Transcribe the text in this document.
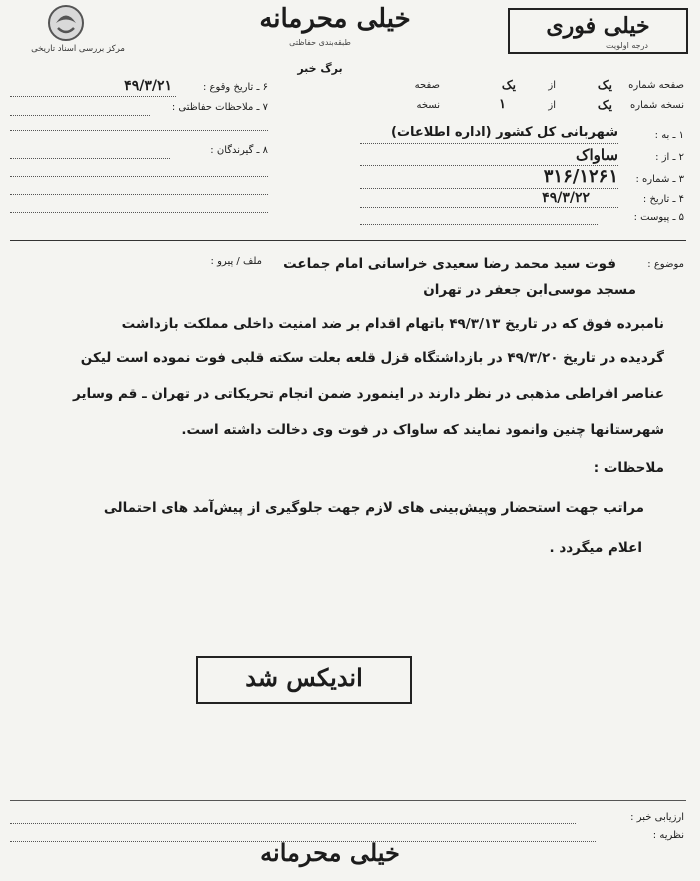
مرکز بررسی اسناد تاریخی
خیلی محرمانه
طبقه‌بندی حفاظتی
خیلی فوری
درجه اولویت
برگ خبر
صفحه شماره
یک
از
یک
صفحه
نسخه شماره
یک
از
۱
نسخه
۱ ـ به :
شهربانی کل کشور (اداره اطلاعات)
۲ ـ از :
ساواک
۳ ـ شماره :
۳۱۶/۱۲۶۱
۴ ـ تاریخ :
۴۹/۳/۲۲
۵ ـ پیوست :
۶ ـ تاریخ وقوع :
۴۹/۳/۲۱
۷ ـ ملاحظات حفاظتی :
۸ ـ گیرندگان :
موضوع :
ملف / پیرو : فوت سید محمد رضا سعیدی خراسانی امام جماعت
مسجد موسی‌ابن جعفر در تهران
نامبرده فوق که در تاریخ ۴۹/۳/۱۳ باتهام اقدام بر ضد امنیت داخلی مملکت بازداشت
گردیده در تاریخ ۴۹/۳/۲۰ در بازداشتگاه قزل قلعه بعلت سکته قلبی فوت نموده است لیکن
عناصر افراطی مذهبی در نظر دارند در اینمورد ضمن انجام تحریکاتی در تهران ـ قم وسایر
شهرستانها چنین وانمود نمایند که ساواک در فوت وی دخالت داشته است.
ملاحظات :
مراتب جهت استحضار وپیش‌بینی های لازم جهت جلوگیری از پیش‌آمد های احتمالی
اعلام میگردد .
اندیکس شد
ارزیابی خبر :
نظریه :
خیلی محرمانه
